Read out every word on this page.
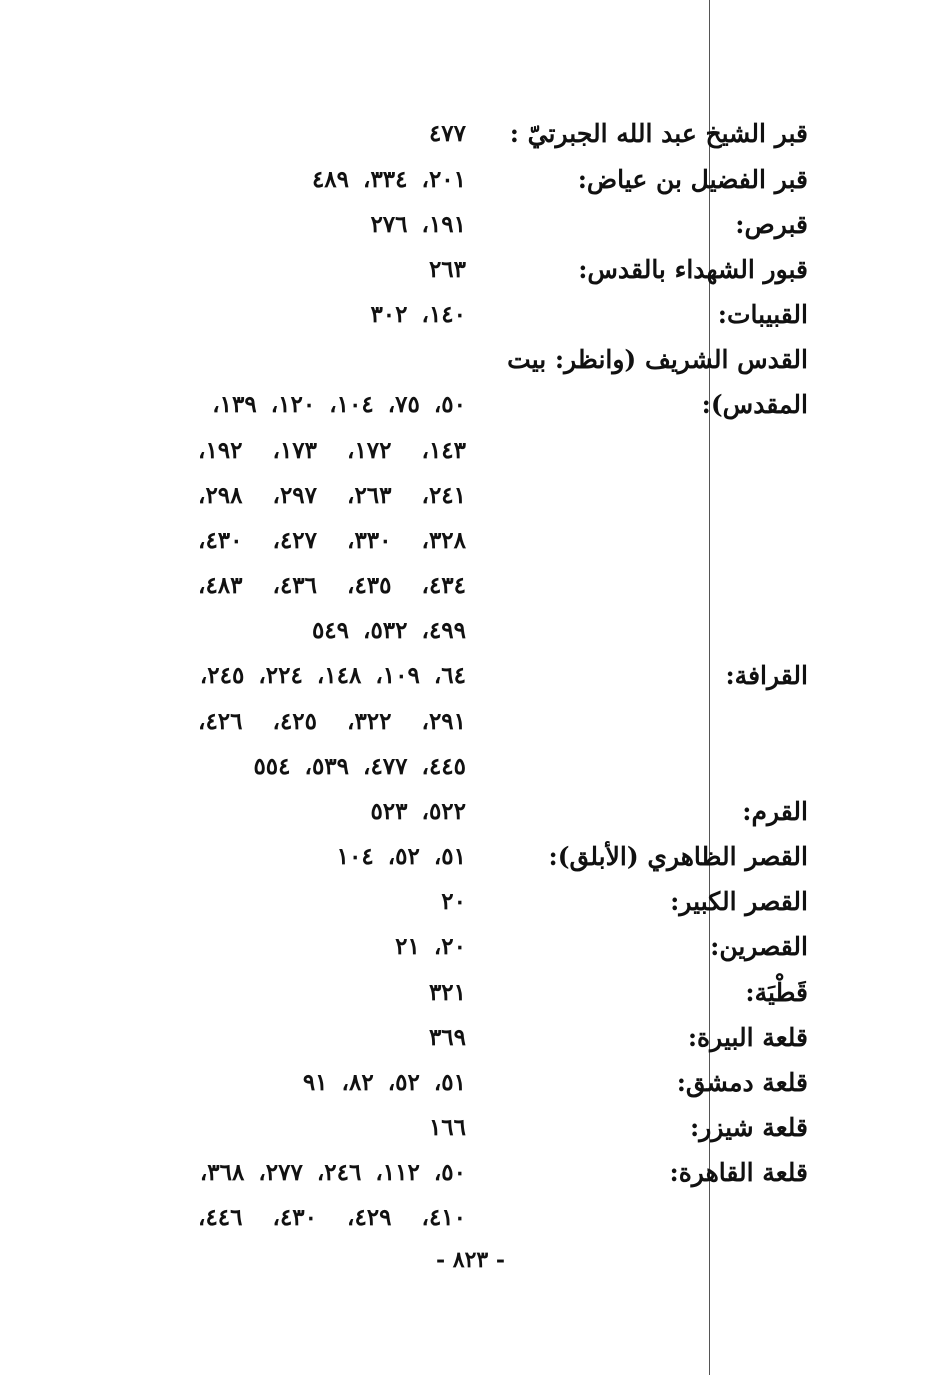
قبر الشيخ عبد الله الجبرتيّ :
٤٧٧
قبر الفضيل بن عياض:
٢٠١، ٣٣٤، ٤٨٩
قبرص:
١٩١، ٢٧٦
قبور الشهداء بالقدس:
٢٦٣
القبيبات:
١٤٠، ٣٠٢
القدس الشريف (وانظر: بيت
المقدس):
٥٠، ٧٥، ١٠٤، ١٢٠، ١٣٩،
١٤٣، ١٧٢، ١٧٣، ١٩٢،
٢٤١، ٢٦٣، ٢٩٧، ٢٩٨،
٣٢٨، ٣٣٠، ٤٢٧، ٤٣٠،
٤٣٤، ٤٣٥، ٤٣٦، ٤٨٣،
٤٩٩، ٥٣٢، ٥٤٩
القرافة:
٦٤، ١٠٩، ١٤٨، ٢٢٤، ٢٤٥،
٢٩١، ٣٢٢، ٤٢٥، ٤٢٦،
٤٤٥، ٤٧٧، ٥٣٩، ٥٥٤
القرم:
٥٢٢، ٥٢٣
القصر الظاهري (الأبلق):
٥١، ٥٢، ١٠٤
القصر الكبير:
٢٠
القصرين:
٢٠، ٢١
قَطْيَة:
٣٢١
قلعة البيرة:
٣٦٩
قلعة دمشق:
٥١، ٥٢، ٨٢، ٩١
قلعة شيزر:
١٦٦
قلعة القاهرة:
٥٠، ١١٢، ٢٤٦، ٢٧٧، ٣٦٨،
٤١٠، ٤٢٩، ٤٣٠، ٤٤٦،
- ٨٢٣ -
